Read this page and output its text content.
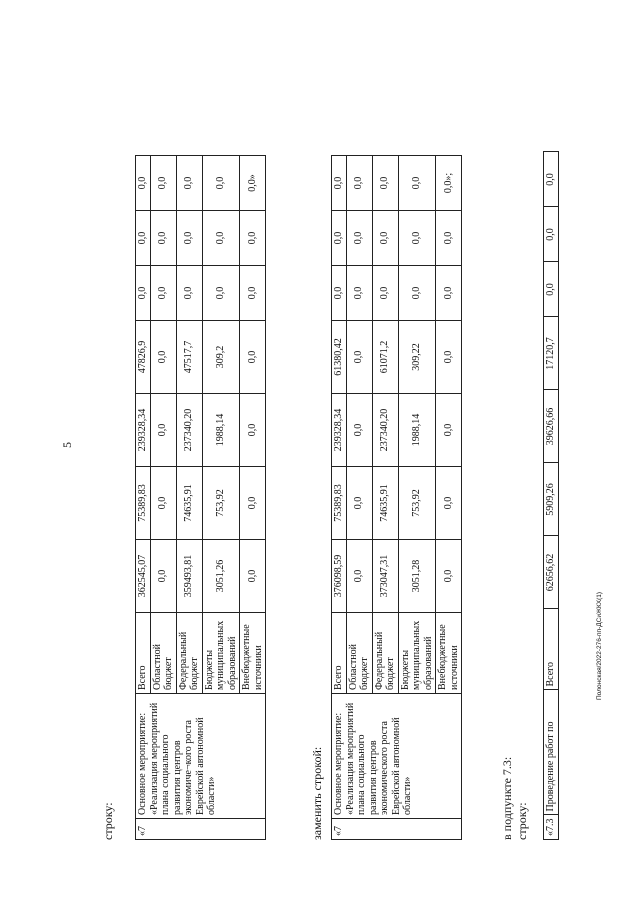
5
Полонская/2022-276-пп-ДСиЖКХ(1)
строку: «7	Основное мероприятие: «Реализация мероприятий плана социального развития центров экономиче¬кого роста Еврейской автономной области»	Всего	362545,07	75389,83	239328,34	47826,9	0,0	0,0	0,0
		Областной бюджет	0,0	0,0	0,0	0,0	0,0	0,0	0,0
		Федеральный бюджет	359493,81	74635,91	237340,20	47517,7	0,0	0,0	0,0
		Бюджеты муниципальных образований	3051,26	753,92	1988,14	309,2	0,0	0,0	0,0
		Внебюджетные источники	0,0	0,0	0,0	0,0	0,0	0,0	0,0»
заменить строкой: «7	Основное мероприятие: «Реализация мероприятий плана социального развития центров экономического роста Еврейской автономной области»	Всего	376098,59	75389,83	239328,34	61380,42	0,0	0,0	0,0
		Областной бюджет	0,0	0,0	0,0	0,0	0,0	0,0	0,0
		Федеральный бюджет	373047,31	74635,91	237340,20	61071,2	0,0	0,0	0,0
		Бюджеты муниципальных образований	3051,28	753,92	1988,14	309,22	0,0	0,0	0,0
		Внебюджетные источники	0,0	0,0	0,0	0,0	0,0	0,0	0,0»;
в подпункте 7.3: строку: «7.3	Проведение работ по	Всего	62656,62	5909,26	39626,66	17120,7	0,0	0,0	0,0
